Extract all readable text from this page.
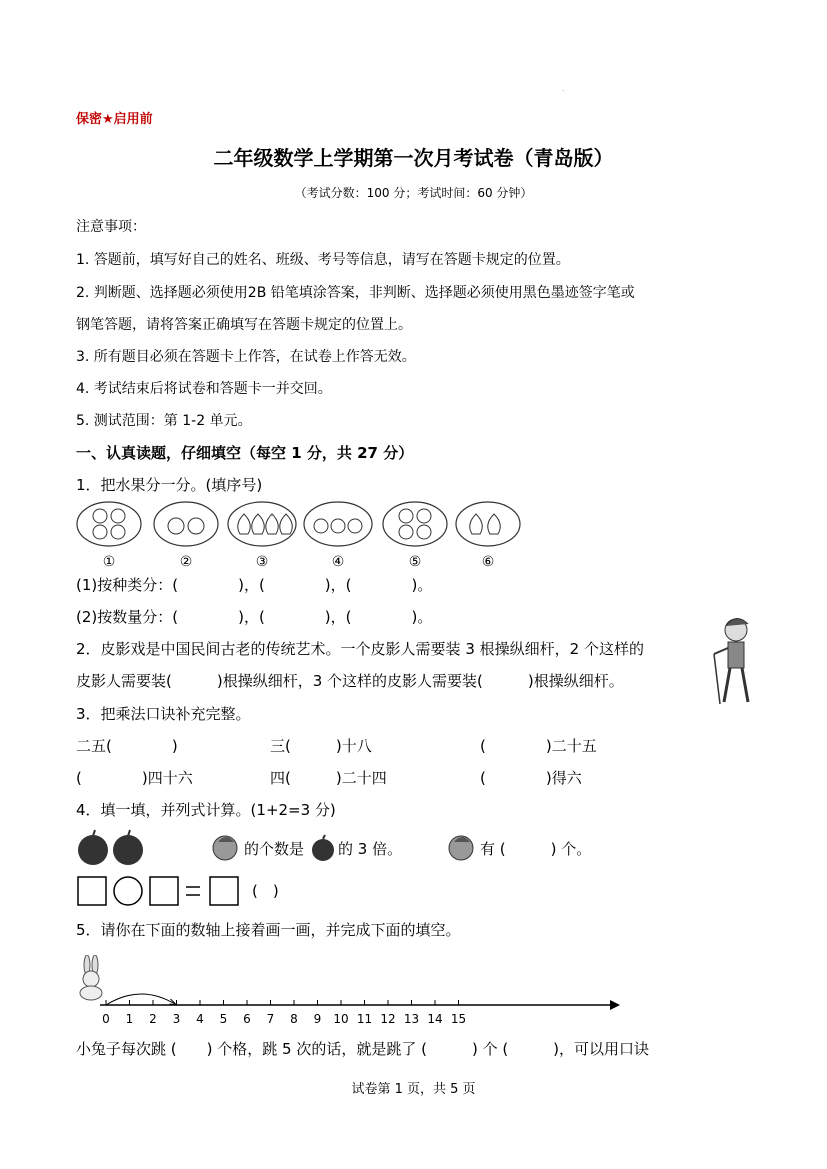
.
保密★启用前
二年级数学上学期第一次月考试卷（青岛版）
（考试分数：100 分；考试时间：60 分钟）
注意事项：
1. 答题前，填写好自己的姓名、班级、考号等信息，请写在答题卡规定的位置。
2. 判断题、选择题必须使用2B 铅笔填涂答案，非判断、选择题必须使用黑色墨迹签字笔或
钢笔答题，请将答案正确填写在答题卡规定的位置上。
3. 所有题目必须在答题卡上作答，在试卷上作答无效。
4. 考试结束后将试卷和答题卡一并交回。
5. 测试范围：第 1-2 单元。
一、认真读题，仔细填空（每空 1 分，共 27 分）
1．把水果分一分。(填序号)
①	②	③	④	⑤	⑥
(1)按种类分：(　　　　)，(　　　　)，(　　　　)。
(2)按数量分：(　　　　)，(　　　　)，(　　　　)。
2．皮影戏是中国民间古老的传统艺术。一个皮影人需要装 3 根操纵细杆，2 个这样的
皮影人需要装(　　　)根操纵细杆，3 个这样的皮影人需要装(　　　)根操纵细杆。
3．把乘法口诀补充完整。
二五(　　　　)	三(　　　)十八	(　　　　)二十五
(　　　　)四十六	四(　　　)二十四	(　　　　)得六
4．填一填，并列式计算。(1+2=3 分)
的个数是 的 3 倍。	有 (　　　) 个。
(　)
5．请你在下面的数轴上接着画一画，并完成下面的填空。
0 1 2 3 4 5 6 7 8 9 10 11 12 13 14 15
小兔子每次跳 (　　) 个格，跳 5 次的话，就是跳了 (　　　) 个 (　　　)，可以用口诀
试卷第 1 页，共 5 页
